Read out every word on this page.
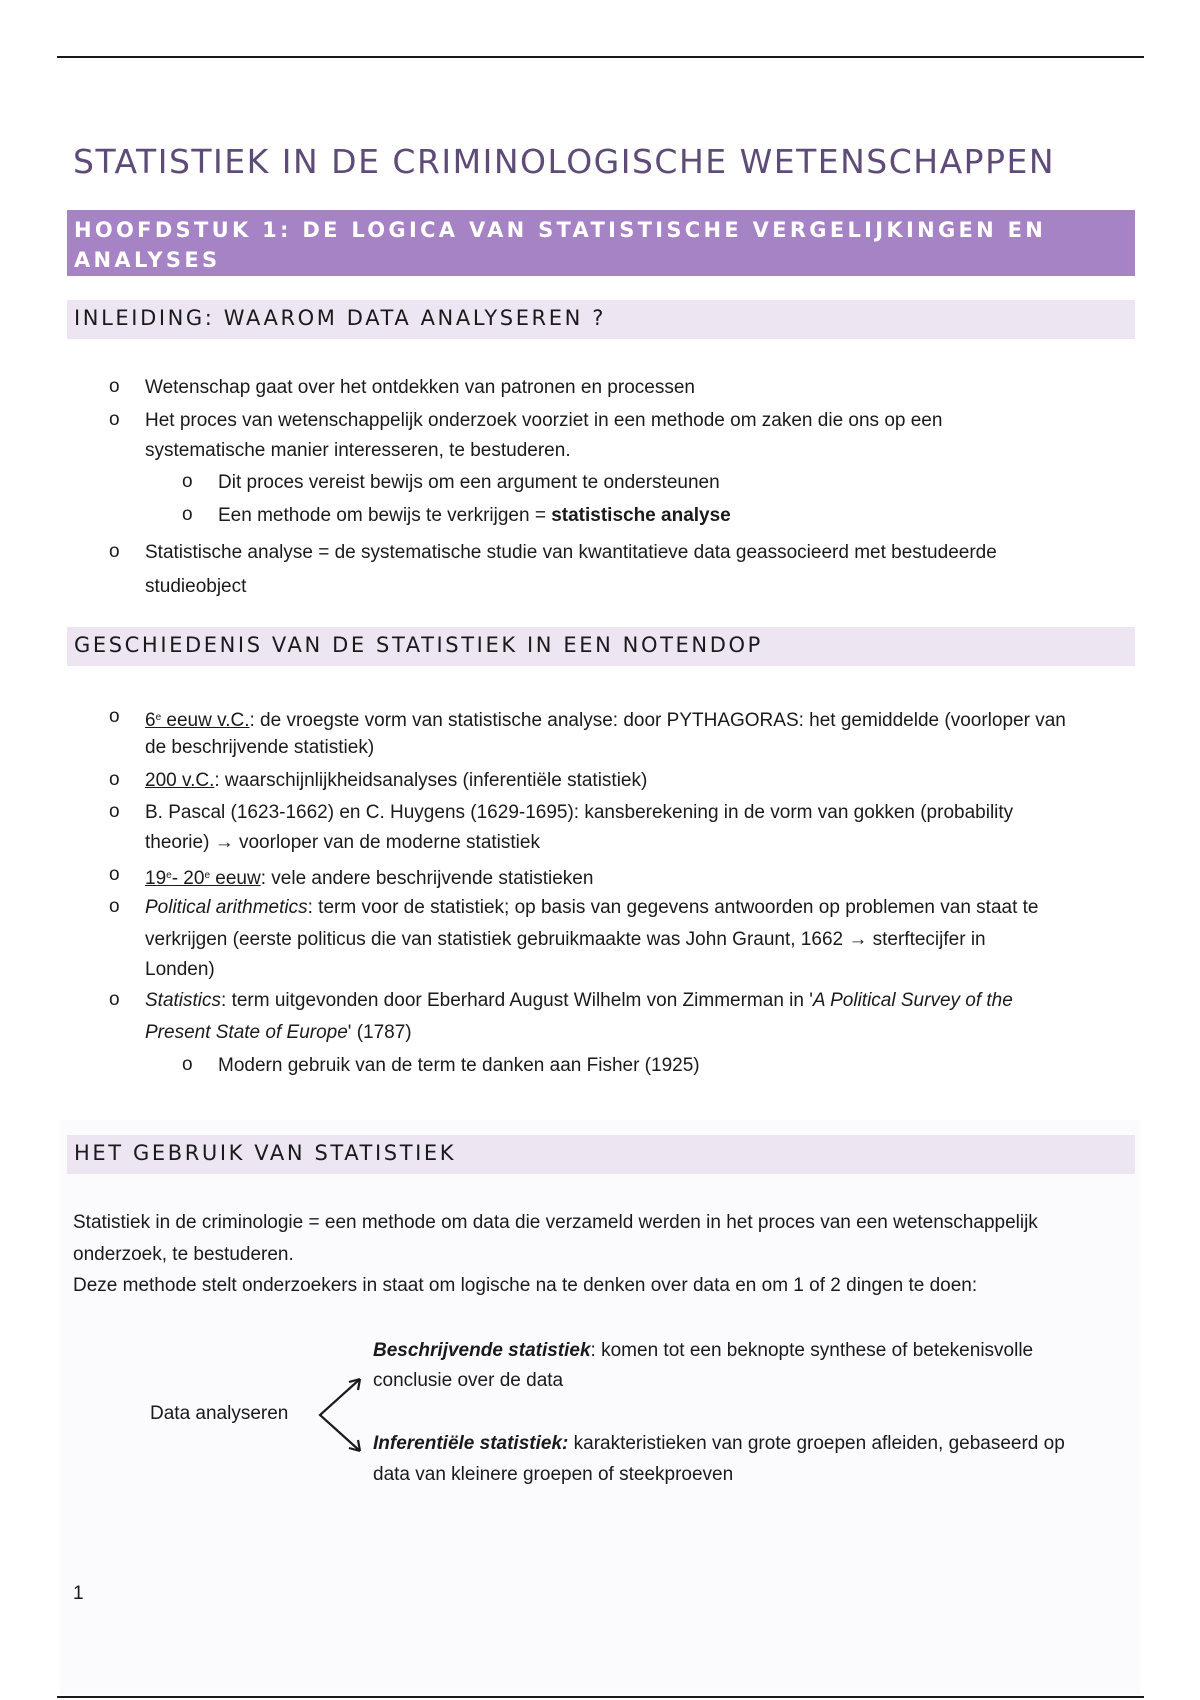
STATISTIEK IN DE CRIMINOLOGISCHE WETENSCHAPPEN
HOOFDSTUK 1: DE LOGICA VAN STATISTISCHE VERGELIJKINGEN EN
ANALYSES
INLEIDING: WAAROM DATA ANALYSEREN ?
o Wetenschap gaat over het ontdekken van patronen en processen
o Het proces van wetenschappelijk onderzoek voorziet in een methode om zaken die ons op een
systematische manier interesseren, te bestuderen.
o Dit proces vereist bewijs om een argument te ondersteunen
o Een methode om bewijs te verkrijgen = statistische analyse
o Statistische analyse = de systematische studie van kwantitatieve data geassocieerd met bestudeerde
studieobject
GESCHIEDENIS VAN DE STATISTIEK IN EEN NOTENDOP
o 6e eeuw v.C.: de vroegste vorm van statistische analyse: door PYTHAGORAS: het gemiddelde (voorloper van
de beschrijvende statistiek)
o 200 v.C.: waarschijnlijkheidsanalyses (inferentiële statistiek)
o B. Pascal (1623-1662) en C. Huygens (1629-1695): kansberekening in de vorm van gokken (probability
theorie) → voorloper van de moderne statistiek
o 19e- 20e eeuw: vele andere beschrijvende statistieken
o Political arithmetics: term voor de statistiek; op basis van gegevens antwoorden op problemen van staat te
verkrijgen (eerste politicus die van statistiek gebruikmaakte was John Graunt, 1662 → sterftecijfer in
Londen)
o Statistics: term uitgevonden door Eberhard August Wilhelm von Zimmerman in 'A Political Survey of the
Present State of Europe' (1787)
o Modern gebruik van de term te danken aan Fisher (1925)
HET GEBRUIK VAN STATISTIEK
Statistiek in de criminologie = een methode om data die verzameld werden in het proces van een wetenschappelijk
onderzoek, te bestuderen.
Deze methode stelt onderzoekers in staat om logische na te denken over data en om 1 of 2 dingen te doen:
Data analyseren
Beschrijvende statistiek: komen tot een beknopte synthese of betekenisvolle
conclusie over de data
Inferentiële statistiek: karakteristieken van grote groepen afleiden, gebaseerd op
data van kleinere groepen of steekproeven
1
